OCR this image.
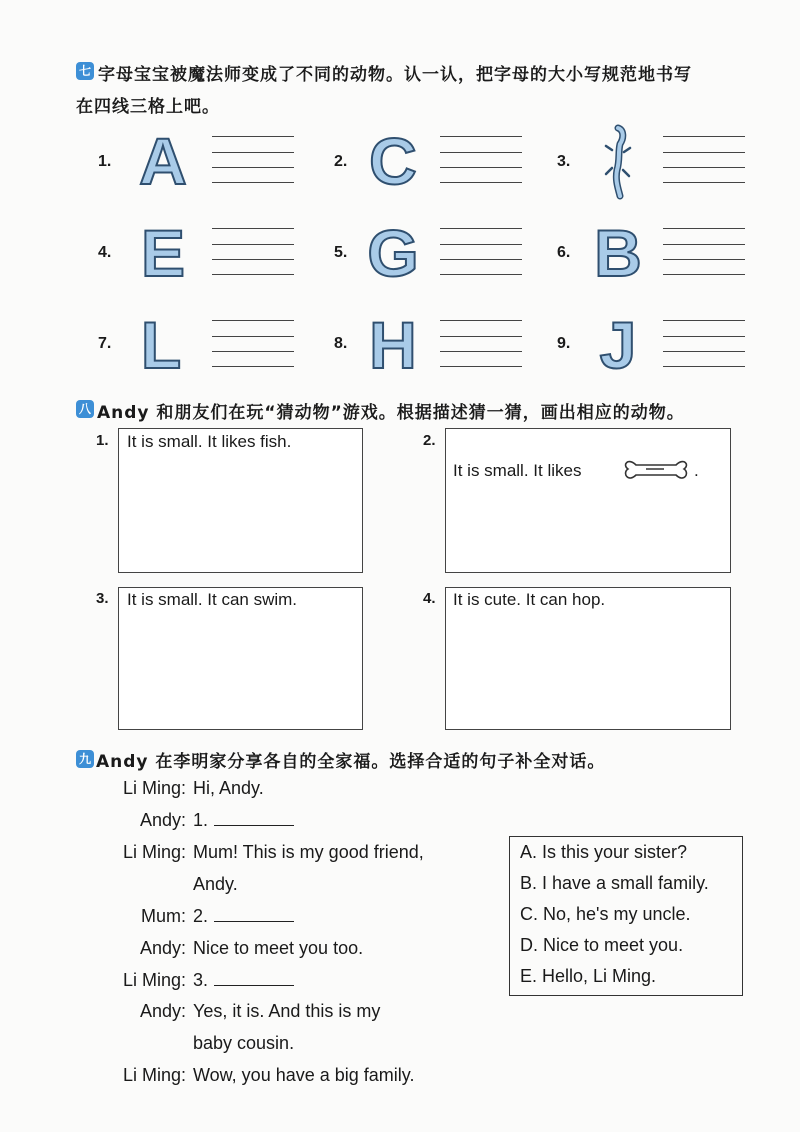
七 字母宝宝被魔法师变成了不同的动物。认一认，把字母的大小写规范地书写
在四线三格上吧。
1. A	2. C	3.
4. E	5. G	6. B
7. L	8. H	9. J
八 Andy 和朋友们在玩“猜动物”游戏。根据描述猜一猜，画出相应的动物。
1. It is small. It likes fish.	2.
It is small. It likes	.
3. It is small. It can swim.	4. It is cute. It can hop.
九 Andy 在李明家分享各自的全家福。选择合适的句子补全对话。
Li Ming: Hi, Andy.
Andy: 1.
Li Ming: Mum! This is my good friend,
Andy.
Mum: 2.
Andy: Nice to meet you too.
Li Ming: 3.
Andy: Yes, it is. And this is my
baby cousin.
Li Ming: Wow, you have a big family.
A. Is this your sister?
B. I have a small family.
C. No, he's my uncle.
D. Nice to meet you.
E. Hello, Li Ming.
